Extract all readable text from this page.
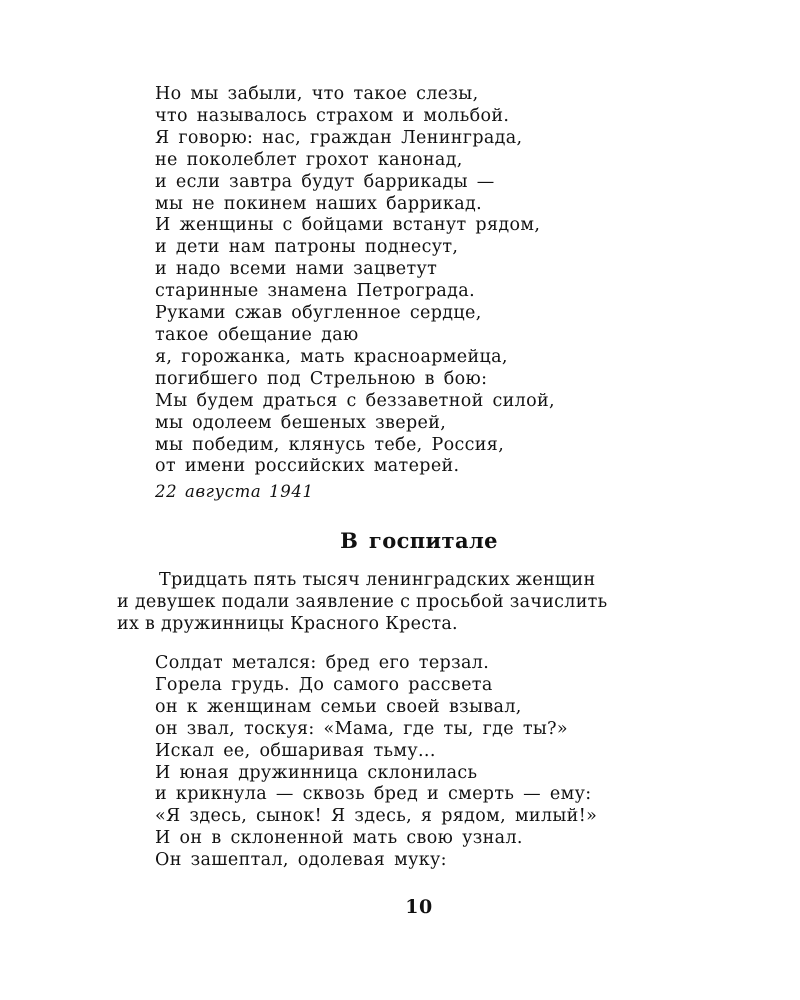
Но мы забыли, что такое слезы,
что называлось страхом и мольбой.
Я говорю: нас, граждан Ленинграда,
не поколеблет грохот канонад,
и если завтра будут баррикады —
мы не покинем наших баррикад.
И женщины с бойцами встанут рядом,
и дети нам патроны поднесут,
и надо всеми нами зацветут
старинные знамена Петрограда.
Руками сжав обугленное сердце,
такое обещание даю
я, горожанка, мать красноармейца,
погибшего под Стрельною в бою:
Мы будем драться с беззаветной силой,
мы одолеем бешеных зверей,
мы победим, клянусь тебе, Россия,
от имени российских матерей.
22 августа 1941
В госпитале
Тридцать пять тысяч ленинградских женщин
и девушек подали заявление с просьбой зачислить
их в дружинницы Красного Креста.
Солдат метался: бред его терзал.
Горела грудь. До самого рассвета
он к женщинам семьи своей взывал,
он звал, тоскуя: «Мама, где ты, где ты?»
Искал ее, обшаривая тьму...
И юная дружинница склонилась
и крикнула — сквозь бред и смерть — ему:
«Я здесь, сынок! Я здесь, я рядом, милый!»
И он в склоненной мать свою узнал.
Он зашептал, одолевая муку:
10
